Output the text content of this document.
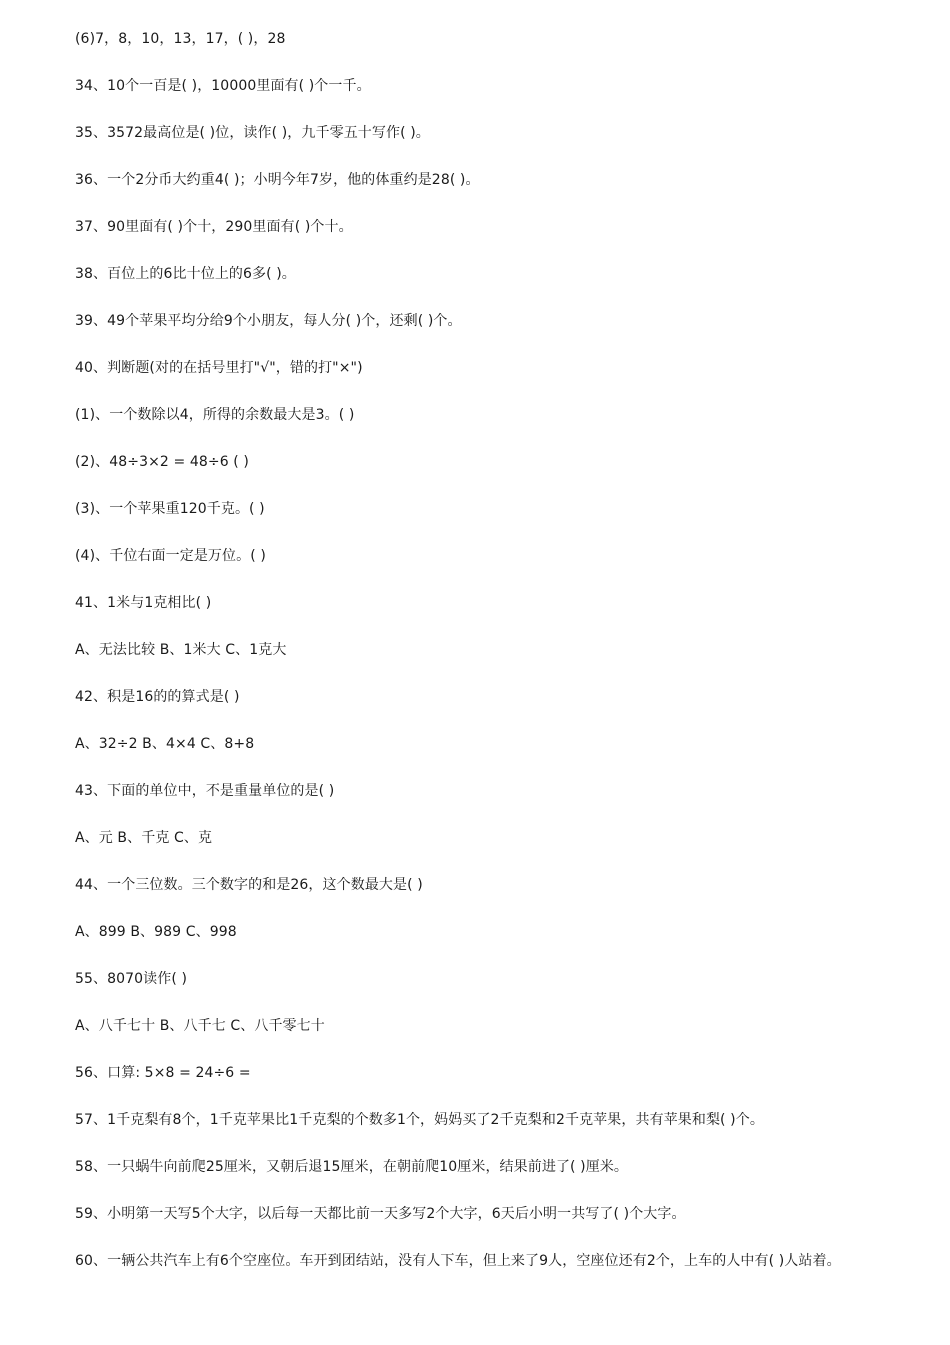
(6)7，8，10，13，17，( )，28
34、10个一百是( )，10000里面有( )个一千。
35、3572最高位是( )位，读作( )，九千零五十写作( )。
36、一个2分币大约重4( )；小明今年7岁，他的体重约是28( )。
37、90里面有( )个十，290里面有( )个十。
38、百位上的6比十位上的6多( )。
39、49个苹果平均分给9个小朋友，每人分( )个，还剩( )个。
40、判断题(对的在括号里打"√"，错的打"×")
(1)、一个数除以4，所得的余数最大是3。( )
(2)、48÷3×2 = 48÷6 ( )
(3)、一个苹果重120千克。( )
(4)、千位右面一定是万位。( )
41、1米与1克相比( )
A、无法比较 B、1米大 C、1克大
42、积是16的的算式是( )
A、32÷2 B、4×4 C、8+8
43、下面的单位中，不是重量单位的是( )
A、元 B、千克 C、克
44、一个三位数。三个数字的和是26，这个数最大是( )
A、899 B、989 C、998
55、8070读作( )
A、八千七十 B、八千七 C、八千零七十
56、口算: 5×8 = 24÷6 =
57、1千克梨有8个，1千克苹果比1千克梨的个数多1个，妈妈买了2千克梨和2千克苹果，共有苹果和梨( )个。
58、一只蜗牛向前爬25厘米，又朝后退15厘米，在朝前爬10厘米，结果前进了( )厘米。
59、小明第一天写5个大字，以后每一天都比前一天多写2个大字，6天后小明一共写了( )个大字。
60、一辆公共汽车上有6个空座位。车开到团结站，没有人下车，但上来了9人，空座位还有2个，上车的人中有( )人站着。
